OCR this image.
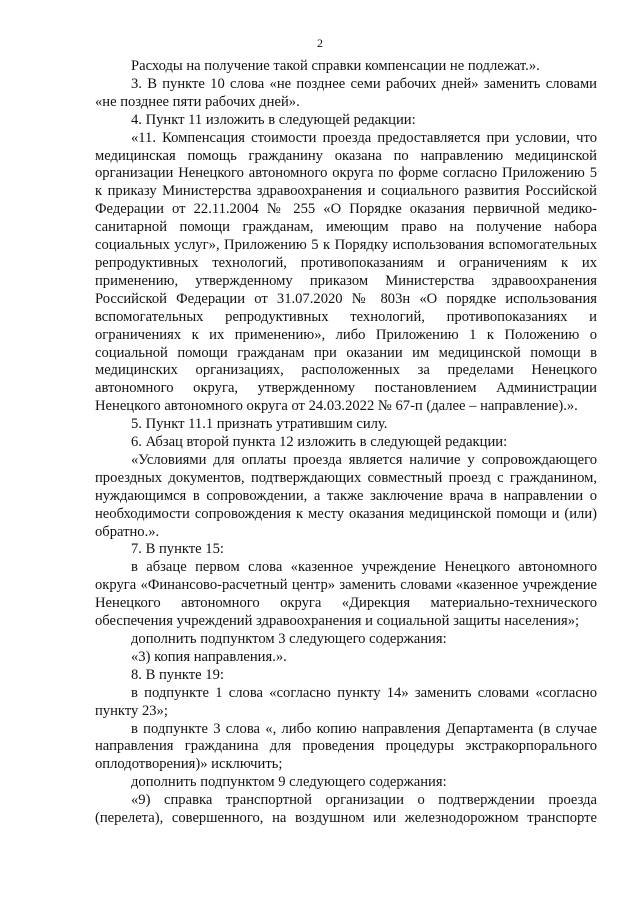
2

Расходы на получение такой справки компенсации не подлежат.».

3. В пункте 10 слова «не позднее семи рабочих дней» заменить словами «не позднее пяти рабочих дней».

4. Пункт 11 изложить в следующей редакции:

«11. Компенсация стоимости проезда предоставляется при условии, что медицинская помощь гражданину оказана по направлению медицинской организации Ненецкого автономного округа по форме согласно Приложению 5 к приказу Министерства здравоохранения и социального развития Российской Федерации от 22.11.2004 № 255 «О Порядке оказания первичной медико-санитарной помощи гражданам, имеющим право на получение набора социальных услуг», Приложению 5 к Порядку использования вспомогательных репродуктивных технологий, противопоказаниям и ограничениям к их применению, утвержденному приказом Министерства здравоохранения Российской Федерации от 31.07.2020 № 803н «О порядке использования вспомогательных репродуктивных технологий, противопоказаниях и ограничениях к их применению», либо Приложению 1 к Положению о социальной помощи гражданам при оказании им медицинской помощи в медицинских организациях, расположенных за пределами Ненецкого автономного округа, утвержденному постановлением Администрации Ненецкого автономного округа от 24.03.2022 № 67-п (далее – направление).».

5. Пункт 11.1 признать утратившим силу.

6. Абзац второй пункта 12 изложить в следующей редакции:

«Условиями для оплаты проезда является наличие у сопровождающего проездных документов, подтверждающих совместный проезд с гражданином, нуждающимся в сопровождении, а также заключение врача в направлении о необходимости сопровождения к месту оказания медицинской помощи и (или) обратно.».

7. В пункте 15:

в абзаце первом слова «казенное учреждение Ненецкого автономного округа «Финансово-расчетный центр» заменить словами «казенное учреждение Ненецкого автономного округа «Дирекция материально-технического обеспечения учреждений здравоохранения и социальной защиты населения»;

дополнить подпунктом 3 следующего содержания:

«3) копия направления.».

8. В пункте 19:

в подпункте 1 слова «согласно пункту 14» заменить словами «согласно пункту 23»;

в подпункте 3 слова «, либо копию направления Департамента (в случае направления гражданина для проведения процедуры экстракорпорального оплодотворения)» исключить;

дополнить подпунктом 9 следующего содержания:

«9) справка транспортной организации о подтверждении проезда (перелета), совершенного, на воздушном или железнодорожном транспорте
